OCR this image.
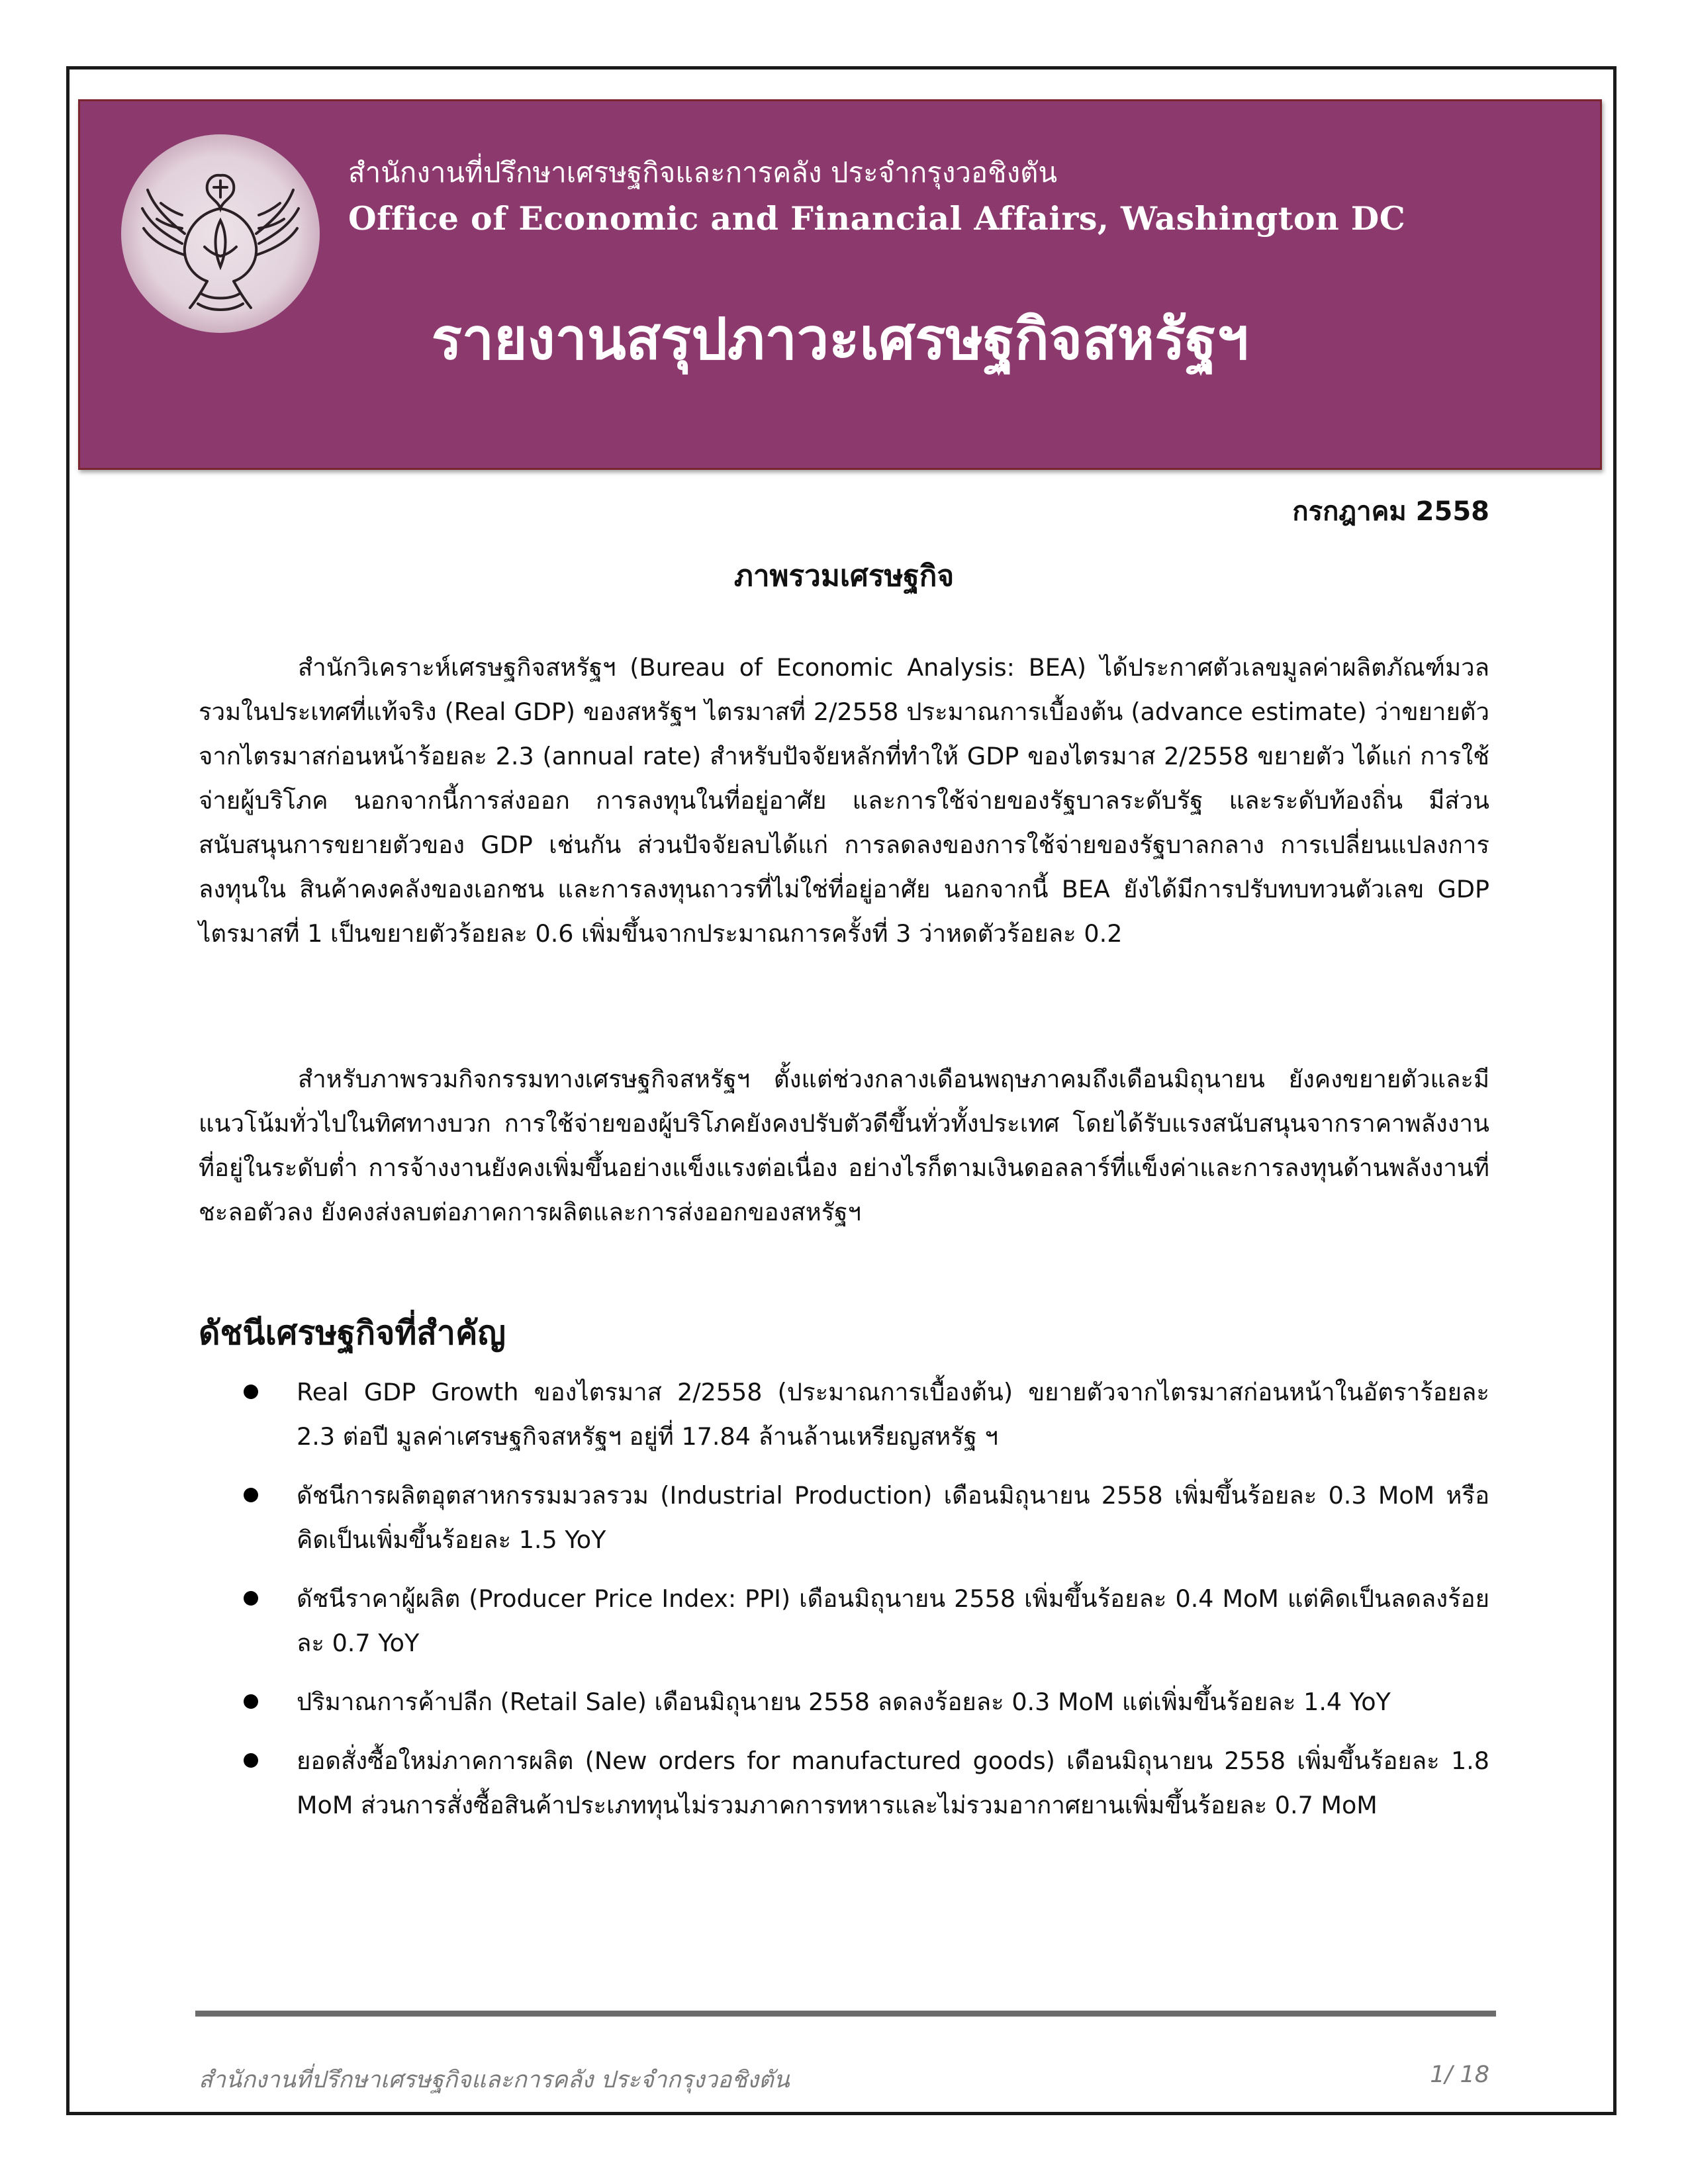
สำนักงานที่ปรึกษาเศรษฐกิจและการคลัง ประจำกรุงวอชิงตัน
Office of Economic and Financial Affairs, Washington DC
รายงานสรุปภาวะเศรษฐกิจสหรัฐฯ
กรกฎาคม 2558
ภาพรวมเศรษฐกิจ

สำนักวิเคราะห์เศรษฐกิจสหรัฐฯ (Bureau of Economic Analysis: BEA) ได้ประกาศตัวเลขมูลค่าผลิตภัณฑ์มวลรวมในประเทศที่แท้จริง (Real GDP) ของสหรัฐฯ ไตรมาสที่ 2/2558 ประมาณการเบื้องต้น (advance estimate) ว่าขยายตัวจากไตรมาสก่อนหน้าร้อยละ 2.3 (annual rate) สำหรับปัจจัยหลักที่ทำให้ GDP ของไตรมาส 2/2558 ขยายตัว ได้แก่ การใช้จ่ายผู้บริโภค นอกจากนี้การส่งออก การลงทุนในที่อยู่อาศัย และการใช้จ่ายของรัฐบาลระดับรัฐ และระดับท้องถิ่น มีส่วนสนับสนุนการขยายตัวของ GDP เช่นกัน ส่วนปัจจัยลบได้แก่ การลดลงของการใช้จ่ายของรัฐบาลกลาง การเปลี่ยนแปลงการลงทุนใน สินค้าคงคลังของเอกชน และการลงทุนถาวรที่ไม่ใช่ที่อยู่อาศัย นอกจากนี้ BEA ยังได้มีการปรับทบทวนตัวเลข GDP ไตรมาสที่ 1 เป็นขยายตัวร้อยละ 0.6 เพิ่มขึ้นจากประมาณการครั้งที่ 3 ว่าหดตัวร้อยละ 0.2

สำหรับภาพรวมกิจกรรมทางเศรษฐกิจสหรัฐฯ ตั้งแต่ช่วงกลางเดือนพฤษภาคมถึงเดือนมิถุนายน ยังคงขยายตัวและมีแนวโน้มทั่วไปในทิศทางบวก การใช้จ่ายของผู้บริโภคยังคงปรับตัวดีขึ้นทั่วทั้งประเทศ โดยได้รับแรงสนับสนุนจากราคาพลังงานที่อยู่ในระดับต่ำ การจ้างงานยังคงเพิ่มขึ้นอย่างแข็งแรงต่อเนื่อง อย่างไรก็ตามเงินดอลลาร์ที่แข็งค่าและการลงทุนด้านพลังงานที่ชะลอตัวลง ยังคงส่งลบต่อภาคการผลิตและการส่งออกของสหรัฐฯ

ดัชนีเศรษฐกิจที่สำคัญ
Real GDP Growth ของไตรมาส 2/2558 (ประมาณการเบื้องต้น) ขยายตัวจากไตรมาสก่อนหน้าในอัตราร้อยละ 2.3 ต่อปี มูลค่าเศรษฐกิจสหรัฐฯ อยู่ที่ 17.84 ล้านล้านเหรียญสหรัฐ ฯ
ดัชนีการผลิตอุตสาหกรรมมวลรวม (Industrial Production) เดือนมิถุนายน 2558 เพิ่มขึ้นร้อยละ 0.3 MoM หรือคิดเป็นเพิ่มขึ้นร้อยละ 1.5 YoY
ดัชนีราคาผู้ผลิต (Producer Price Index: PPI) เดือนมิถุนายน 2558 เพิ่มขึ้นร้อยละ 0.4 MoM แต่คิดเป็นลดลงร้อยละ 0.7 YoY
ปริมาณการค้าปลีก (Retail Sale) เดือนมิถุนายน 2558 ลดลงร้อยละ 0.3 MoM แต่เพิ่มขึ้นร้อยละ 1.4 YoY
ยอดสั่งซื้อใหม่ภาคการผลิต (New orders for manufactured goods) เดือนมิถุนายน 2558 เพิ่มขึ้นร้อยละ 1.8 MoM ส่วนการสั่งซื้อสินค้าประเภททุนไม่รวมภาคการทหารและไม่รวมอากาศยานเพิ่มขึ้นร้อยละ 0.7 MoM
สำนักงานที่ปรึกษาเศรษฐกิจและการคลัง ประจำกรุงวอชิงตัน	1/ 18
